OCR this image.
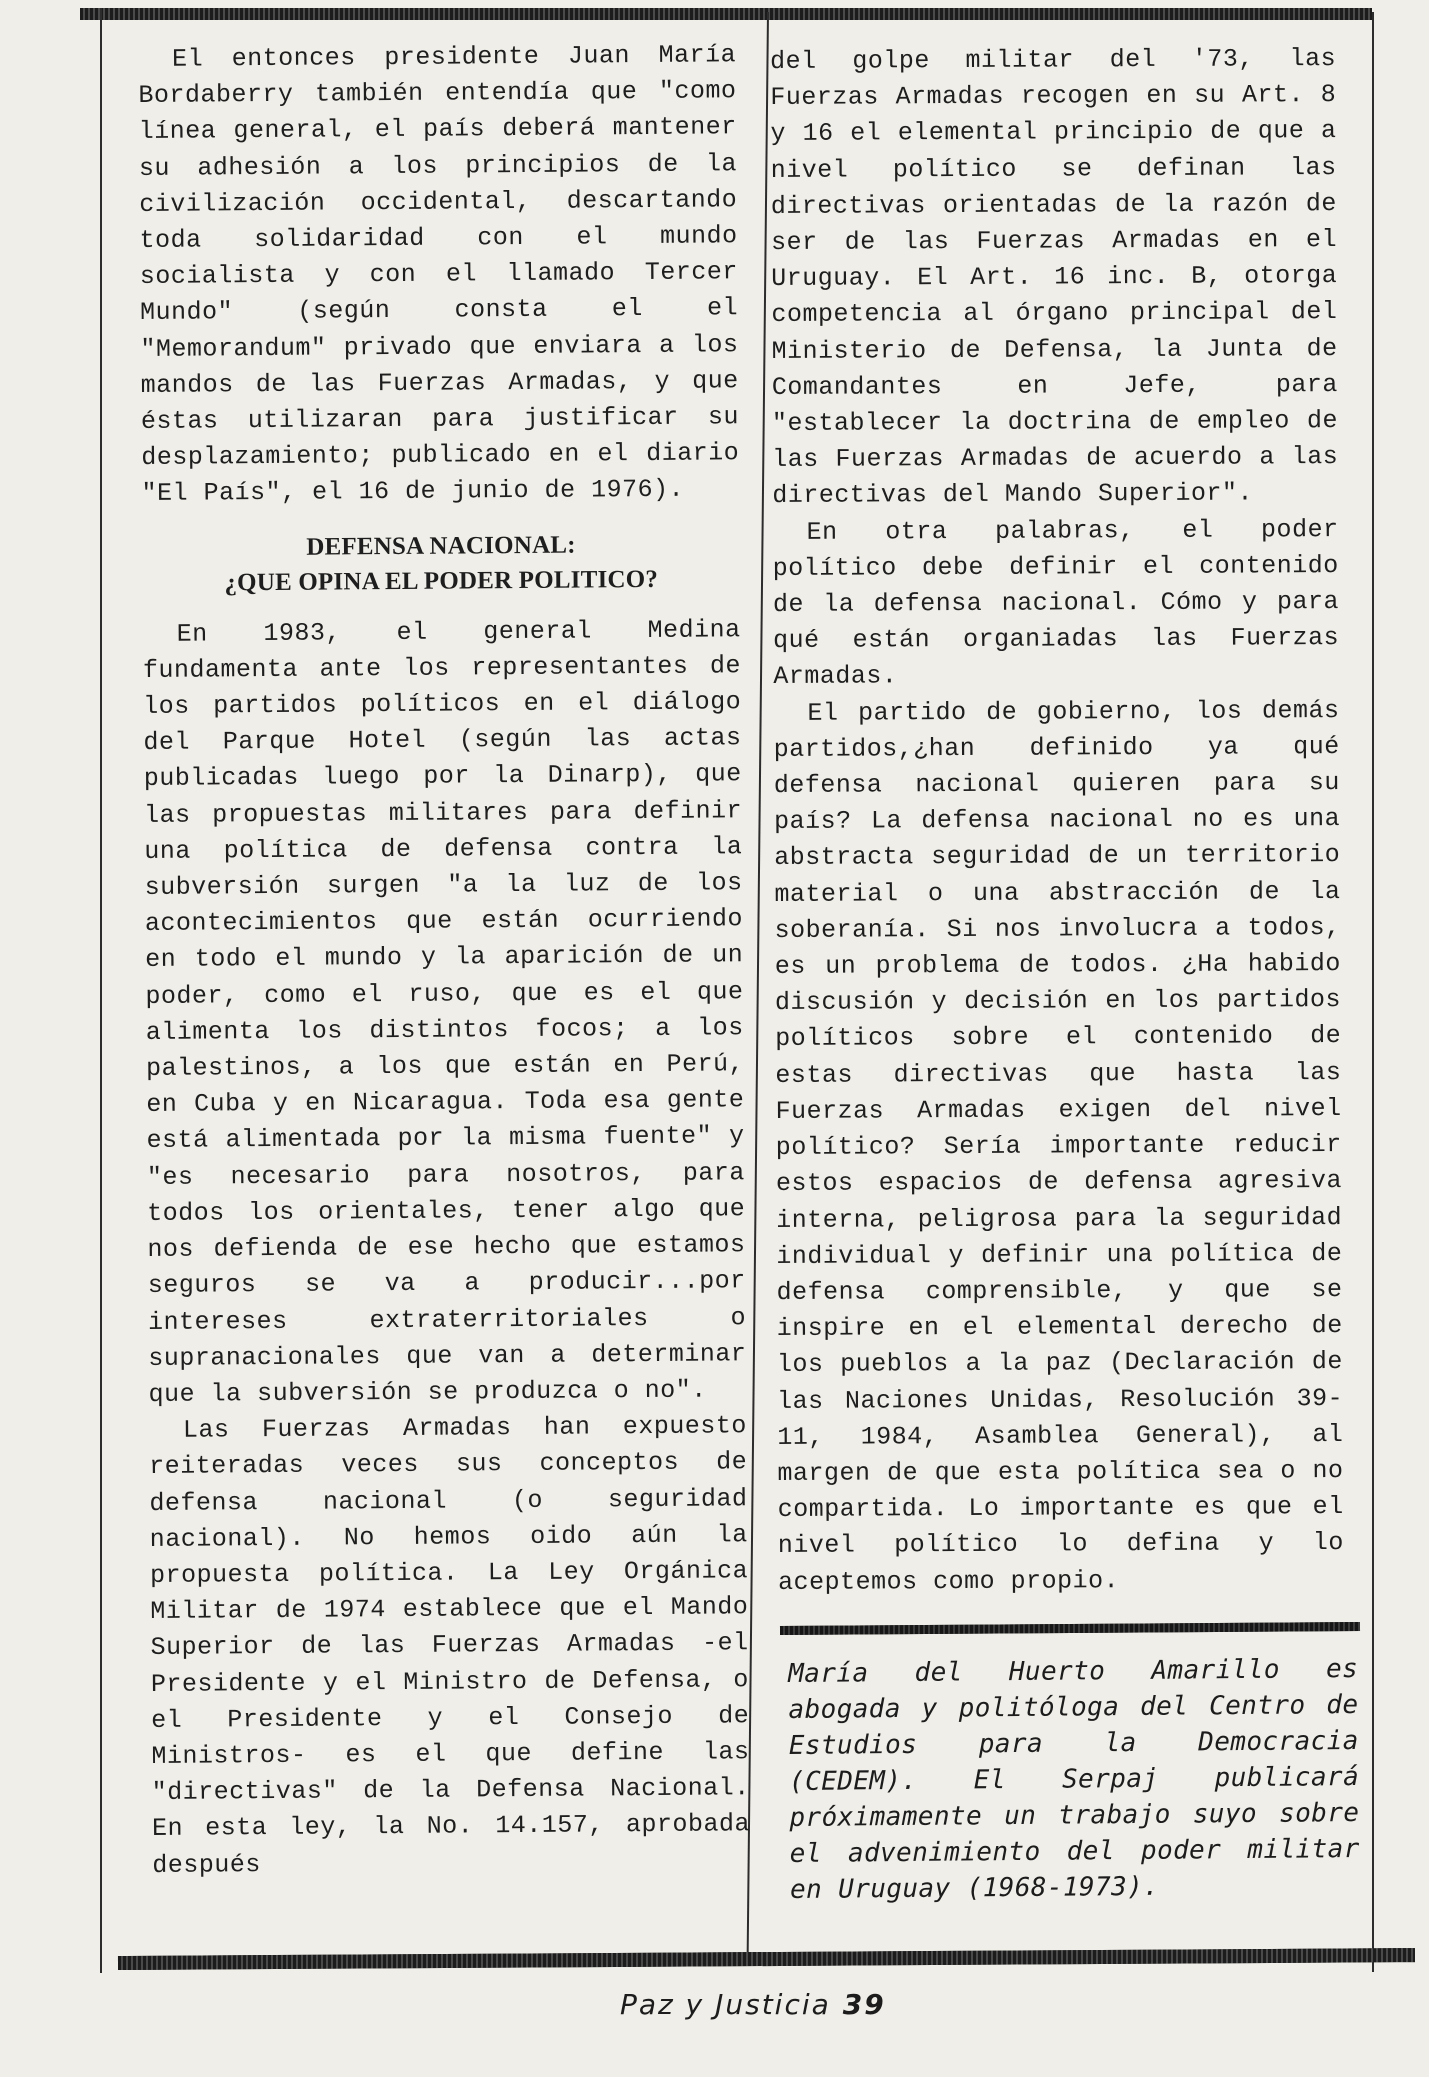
El entonces presidente Juan María Bordaberry también entendía que "como línea general, el país deberá mantener su adhesión a los principios de la civilización occidental, descartando toda solidaridad con el mundo socialista y con el llamado Tercer Mundo" (según consta el el "Memorandum" privado que enviara a los mandos de las Fuerzas Armadas, y que éstas utilizaran para justificar su desplazamiento; publicado en el diario "El País", el 16 de junio de 1976).

DEFENSA NACIONAL:
¿QUE OPINA EL PODER POLITICO?

En 1983, el general Medina fundamenta ante los representantes de los partidos políticos en el diálogo del Parque Hotel (según las actas publicadas luego por la Dinarp), que las propuestas militares para definir una política de defensa contra la subversión surgen "a la luz de los acontecimientos que están ocurriendo en todo el mundo y la aparición de un poder, como el ruso, que es el que alimenta los distintos focos; a los palestinos, a los que están en Perú, en Cuba y en Nicaragua. Toda esa gente está alimentada por la misma fuente" y "es necesario para nosotros, para todos los orientales, tener algo que nos defienda de ese hecho que estamos seguros se va a producir...por intereses extraterritoriales o supranacionales que van a determinar que la subversión se produzca o no".

Las Fuerzas Armadas han expuesto reiteradas veces sus conceptos de defensa nacional (o seguridad nacional). No hemos oido aún la propuesta política. La Ley Orgánica Militar de 1974 establece que el Mando Superior de las Fuerzas Armadas -el Presidente y el Ministro de Defensa, o el Presidente y el Consejo de Ministros- es el que define las "directivas" de la Defensa Nacional. En esta ley, la No. 14.157, aprobada después

del golpe militar del '73, las Fuerzas Armadas recogen en su Art. 8 y 16 el elemental principio de que a nivel político se definan las directivas orientadas de la razón de ser de las Fuerzas Armadas en el Uruguay. El Art. 16 inc. B, otorga competencia al órgano principal del Ministerio de Defensa, la Junta de Comandantes en Jefe, para "establecer la doctrina de empleo de las Fuerzas Armadas de acuerdo a las directivas del Mando Superior".

En otra palabras, el poder político debe definir el contenido de la defensa nacional. Cómo y para qué están organiadas las Fuerzas Armadas.

El partido de gobierno, los demás partidos,¿han definido ya qué defensa nacional quieren para su país? La defensa nacional no es una abstracta seguridad de un territorio material o una abstracción de la soberanía. Si nos involucra a todos, es un problema de todos. ¿Ha habido discusión y decisión en los partidos políticos sobre el contenido de estas directivas que hasta las Fuerzas Armadas exigen del nivel político? Sería importante reducir estos espacios de defensa agresiva interna, peligrosa para la seguridad individual y definir una política de defensa comprensible, y que se inspire en el elemental derecho de los pueblos a la paz (Declaración de las Naciones Unidas, Resolución 39-11, 1984, Asamblea General), al margen de que esta política sea o no compartida. Lo importante es que el nivel político lo defina y lo aceptemos como propio.

María del Huerto Amarillo es abogada y politóloga del Centro de Estudios para la Democracia (CEDEM). El Serpaj publicará próximamente un trabajo suyo sobre el advenimiento del poder militar en Uruguay (1968-1973).
Paz y Justicia 39
